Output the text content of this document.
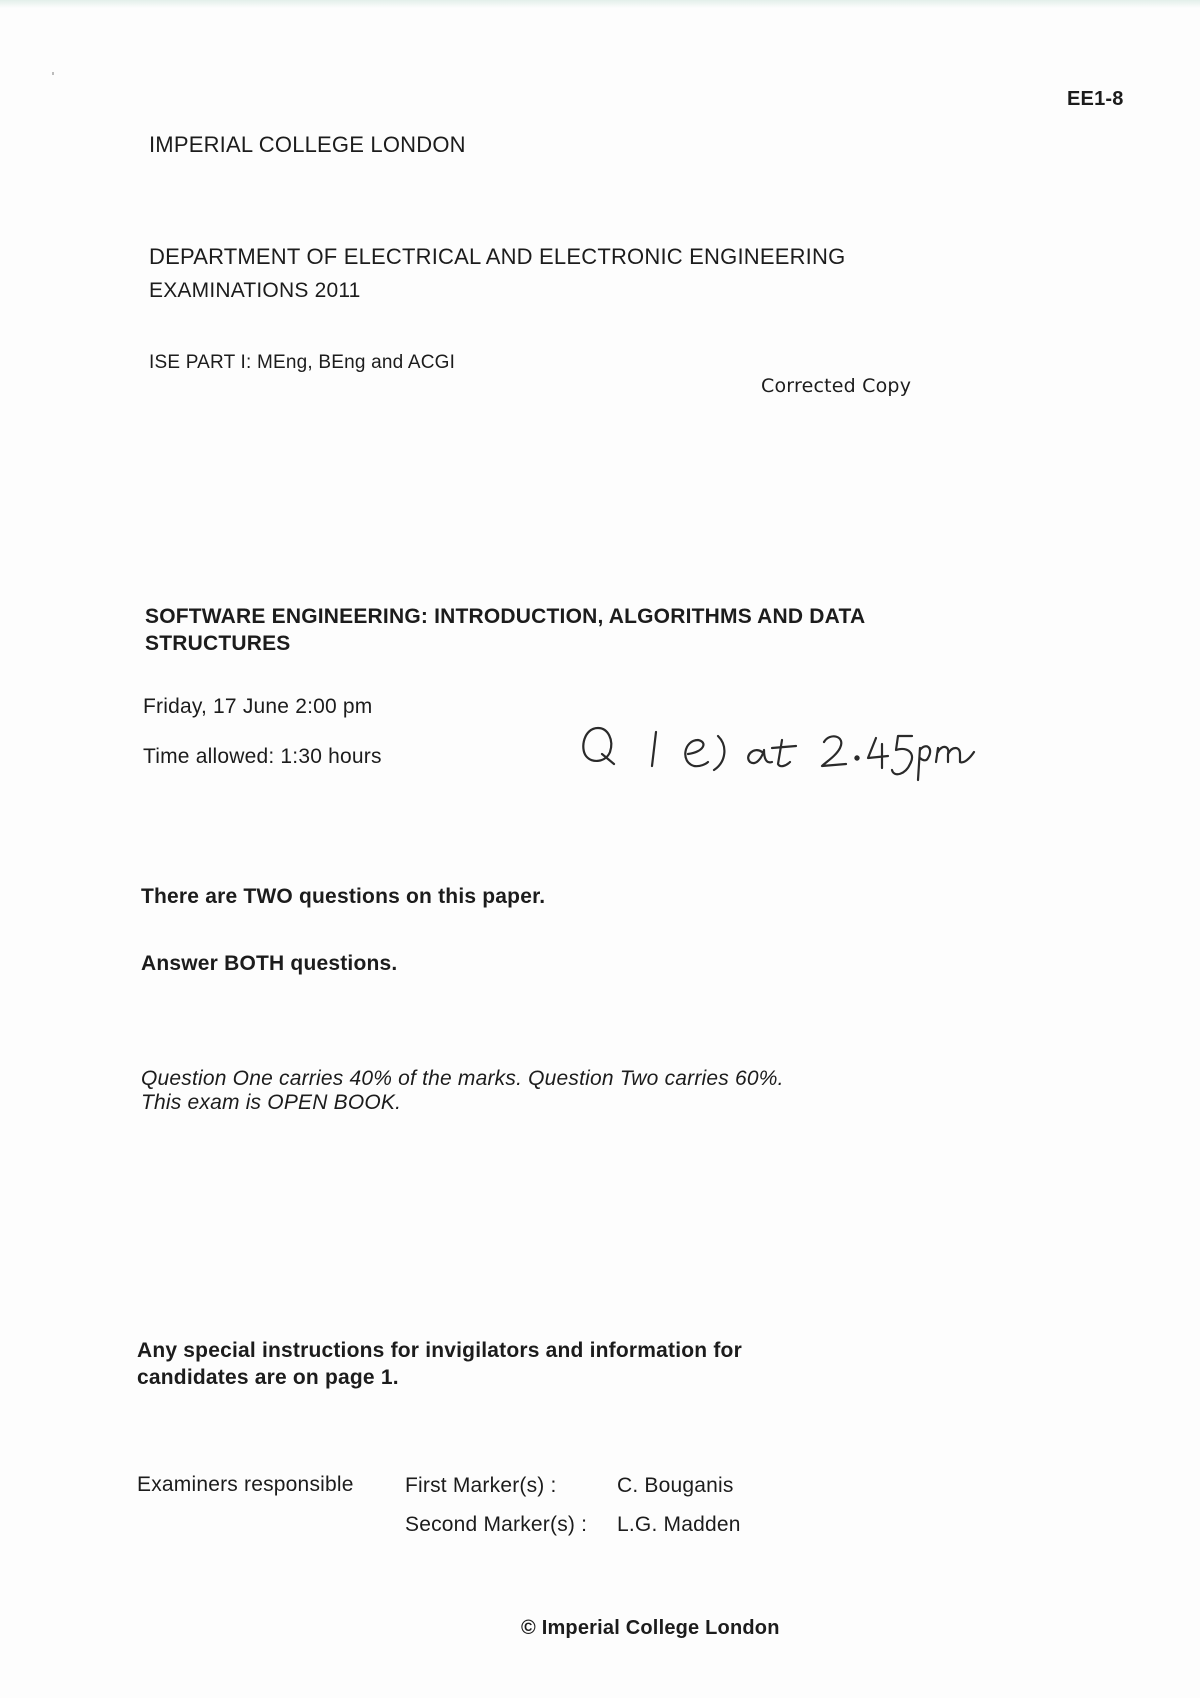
EE1-8
IMPERIAL COLLEGE LONDON
DEPARTMENT OF ELECTRICAL AND ELECTRONIC ENGINEERING
EXAMINATIONS 2011
ISE PART I: MEng, BEng and ACGI
Corrected Copy
SOFTWARE ENGINEERING: INTRODUCTION, ALGORITHMS AND DATA
STRUCTURES
Friday, 17 June 2:00 pm
Time allowed: 1:30 hours
There are TWO questions on this paper.
Answer BOTH questions.
Question One carries 40% of the marks. Question Two carries 60%.
This exam is OPEN BOOK.
Any special instructions for invigilators and information for
candidates are on page 1.
Examiners responsible First Marker(s) :	C. Bouganis
Second Marker(s) : L.G. Madden
© Imperial College London
